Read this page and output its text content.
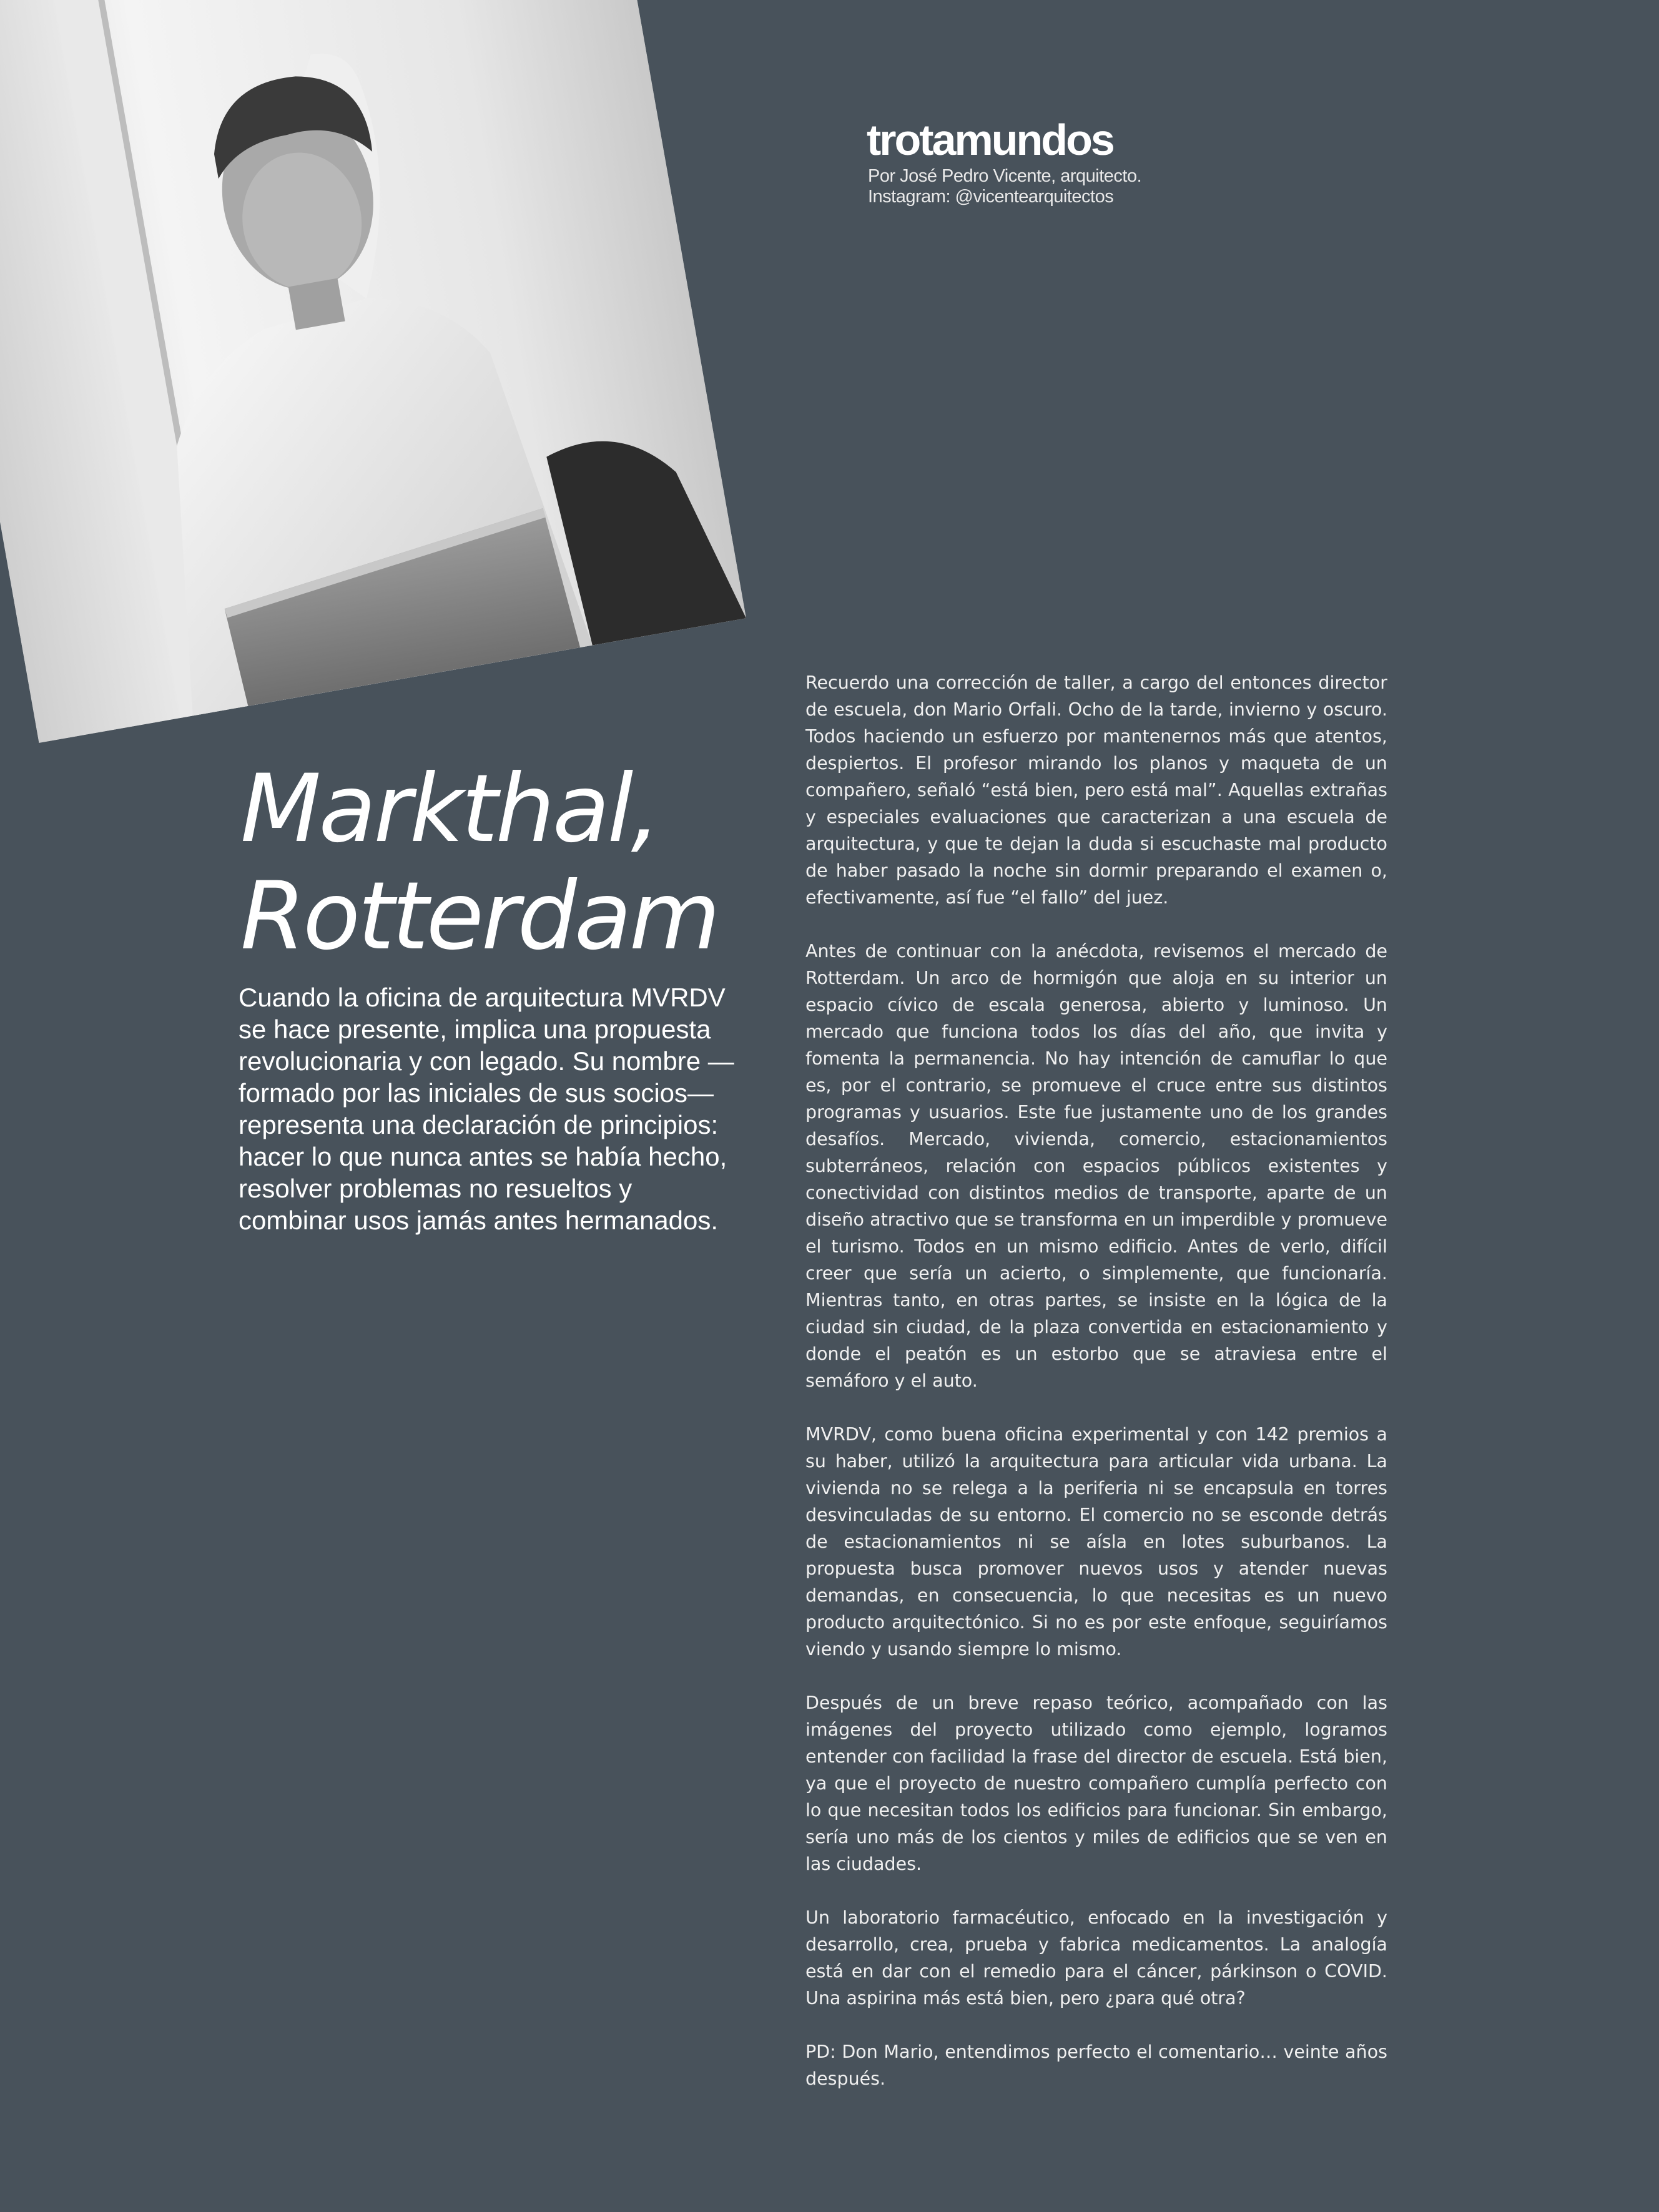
trotamundos
Por José Pedro Vicente, arquitecto.
Instagram: @vicentearquitectos
Markthal,
Rotterdam

Cuando la oficina de arquitectura MVRDV se hace presente, implica una propuesta revolucionaria y con legado. Su nombre —formado por las iniciales de sus socios— representa una declaración de principios: hacer lo que nunca antes se había hecho, resolver problemas no resueltos y combinar usos jamás antes hermanados.

Recuerdo una corrección de taller, a cargo del entonces director de escuela, don Mario Orfali. Ocho de la tarde, invierno y oscuro. Todos haciendo un esfuerzo por mantenernos más que atentos, despiertos. El profesor mirando los planos y maqueta de un compañero, señaló “está bien, pero está mal”. Aquellas extrañas y especiales evaluaciones que caracterizan a una escuela de arquitectura, y que te dejan la duda si escuchaste mal producto de haber pasado la noche sin dormir preparando el examen o, efectivamente, así fue “el fallo” del juez.

Antes de continuar con la anécdota, revisemos el mercado de Rotterdam. Un arco de hormigón que aloja en su interior un espacio cívico de escala generosa, abierto y luminoso. Un mercado que funciona todos los días del año, que invita y fomenta la permanencia. No hay intención de camuflar lo que es, por el contrario, se promueve el cruce entre sus distintos programas y usuarios. Este fue justamente uno de los grandes desafíos. Mercado, vivienda, comercio, estacionamientos subterráneos, relación con espacios públicos existentes y conectividad con distintos medios de transporte, aparte de un diseño atractivo que se transforma en un imperdible y promueve el turismo. Todos en un mismo edificio. Antes de verlo, difícil creer que sería un acierto, o simplemente, que funcionaría. Mientras tanto, en otras partes, se insiste en la lógica de la ciudad sin ciudad, de la plaza convertida en estacionamiento y donde el peatón es un estorbo que se atraviesa entre el semáforo y el auto.

MVRDV, como buena oficina experimental y con 142 premios a su haber, utilizó la arquitectura para articular vida urbana. La vivienda no se relega a la periferia ni se encapsula en torres desvinculadas de su entorno. El comercio no se esconde detrás de estacionamientos ni se aísla en lotes suburbanos. La propuesta busca promover nuevos usos y atender nuevas demandas, en consecuencia, lo que necesitas es un nuevo producto arquitectónico. Si no es por este enfoque, seguiríamos viendo y usando siempre lo mismo.

Después de un breve repaso teórico, acompañado con las imágenes del proyecto utilizado como ejemplo, logramos entender con facilidad la frase del director de escuela. Está bien, ya que el proyecto de nuestro compañero cumplía perfecto con lo que necesitan todos los edificios para funcionar. Sin embargo, sería uno más de los cientos y miles de edificios que se ven en las ciudades.

Un laboratorio farmacéutico, enfocado en la investigación y desarrollo, crea, prueba y fabrica medicamentos. La analogía está en dar con el remedio para el cáncer, párkinson o COVID. Una aspirina más está bien, pero ¿para qué otra?

PD: Don Mario, entendimos perfecto el comentario… veinte años después.
